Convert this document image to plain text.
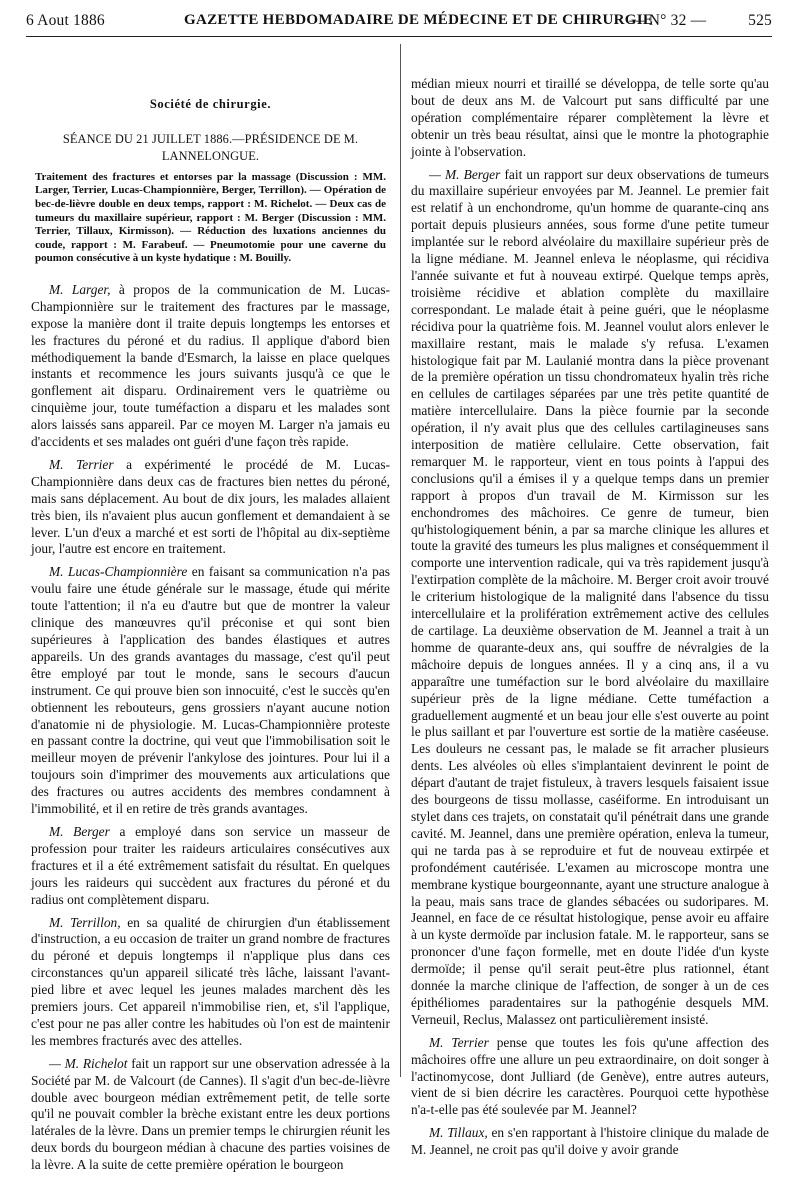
6 Aout 1886	GAZETTE HEBDOMADAIRE DE MÉDECINE ET DE CHIRURGIE
— N° 32 —	525
Société de chirurgie.
SÉANCE DU 21 JUILLET 1886.—PRÉSIDENCE DE M. LANNELONGUE.
Traitement des fractures et entorses par la massage (Discussion : MM. Larger, Terrier, Lucas-Championnière, Berger, Terrillon). — Opération de bec-de-lièvre double en deux temps, rapport : M. Richelot. — Deux cas de tumeurs du maxillaire supérieur, rapport : M. Berger (Discussion : MM. Terrier, Tillaux, Kirmisson). — Réduction des luxations anciennes du coude, rapport : M. Farabeuf. — Pneumotomie pour une caverne du poumon consécutive à un kyste hydatique : M. Bouilly.

M. Larger, à propos de la communication de M. Lucas-Championnière sur le traitement des fractures par le massage, expose la manière dont il traite depuis longtemps les entorses et les fractures du péroné et du radius. Il applique d'abord bien méthodiquement la bande d'Esmarch, la laisse en place quelques instants et recommence les jours suivants jusqu'à ce que le gonflement ait disparu. Ordinairement vers le quatrième ou cinquième jour, toute tuméfaction a disparu et les malades sont alors laissés sans appareil. Par ce moyen M. Larger n'a jamais eu d'accidents et ses malades ont guéri d'une façon très rapide.

M. Terrier a expérimenté le procédé de M. Lucas-Championnière dans deux cas de fractures bien nettes du péroné, mais sans déplacement. Au bout de dix jours, les malades allaient très bien, ils n'avaient plus aucun gonflement et demandaient à se lever. L'un d'eux a marché et est sorti de l'hôpital au dix-septième jour, l'autre est encore en traitement.

M. Lucas-Championnière en faisant sa communication n'a pas voulu faire une étude générale sur le massage, étude qui mérite toute l'attention; il n'a eu d'autre but que de montrer la valeur clinique des manœuvres qu'il préconise et qui sont bien supérieures à l'application des bandes élastiques et autres appareils. Un des grands avantages du massage, c'est qu'il peut être employé par tout le monde, sans le secours d'aucun instrument. Ce qui prouve bien son innocuité, c'est le succès qu'en obtiennent les rebouteurs, gens grossiers n'ayant aucune notion d'anatomie ni de physiologie. M. Lucas-Championnière proteste en passant contre la doctrine, qui veut que l'immobilisation soit le meilleur moyen de prévenir l'ankylose des jointures. Pour lui il a toujours soin d'imprimer des mouvements aux articulations que des fractures ou autres accidents des membres condamnent à l'immobilité, et il en retire de très grands avantages.

M. Berger a employé dans son service un masseur de profession pour traiter les raideurs articulaires consécutives aux fractures et il a été extrêmement satisfait du résultat. En quelques jours les raideurs qui succèdent aux fractures du péroné et du radius ont complètement disparu.

M. Terrillon, en sa qualité de chirurgien d'un établissement d'instruction, a eu occasion de traiter un grand nombre de fractures du péroné et depuis longtemps il n'applique plus dans ces circonstances qu'un appareil silicaté très lâche, laissant l'avant-pied libre et avec lequel les jeunes malades marchent dès les premiers jours. Cet appareil n'immobilise rien, et, s'il l'applique, c'est pour ne pas aller contre les habitudes où l'on est de maintenir les membres fracturés avec des attelles.

— M. Richelot fait un rapport sur une observation adressée à la Société par M. de Valcourt (de Cannes). Il s'agit d'un bec-de-lièvre double avec bourgeon médian extrêmement petit, de telle sorte qu'il ne pouvait combler la brèche existant entre les deux portions latérales de la lèvre. Dans un premier temps le chirurgien réunit les deux bords du bourgeon médian à chacune des parties voisines de la lèvre. A la suite de cette première opération le bourgeon

médian mieux nourri et tiraillé se développa, de telle sorte qu'au bout de deux ans M. de Valcourt put sans difficulté par une opération complémentaire réparer complètement la lèvre et obtenir un très beau résultat, ainsi que le montre la photographie jointe à l'observation.

— M. Berger fait un rapport sur deux observations de tumeurs du maxillaire supérieur envoyées par M. Jeannel. Le premier fait est relatif à un enchondrome, qu'un homme de quarante-cinq ans portait depuis plusieurs années, sous forme d'une petite tumeur implantée sur le rebord alvéolaire du maxillaire supérieur près de la ligne médiane. M. Jeannel enleva le néoplasme, qui récidiva l'année suivante et fut à nouveau extirpé. Quelque temps après, troisième récidive et ablation complète du maxillaire correspondant. Le malade était à peine guéri, que le néoplasme récidiva pour la quatrième fois. M. Jeannel voulut alors enlever le maxillaire restant, mais le malade s'y refusa. L'examen histologique fait par M. Laulanié montra dans la pièce provenant de la première opération un tissu chondromateux hyalin très riche en cellules de cartilages séparées par une très petite quantité de matière intercellulaire. Dans la pièce fournie par la seconde opération, il n'y avait plus que des cellules cartilagineuses sans interposition de matière cellulaire. Cette observation, fait remarquer M. le rapporteur, vient en tous points à l'appui des conclusions qu'il a émises il y a quelque temps dans un premier rapport à propos d'un travail de M. Kirmisson sur les enchondromes des mâchoires. Ce genre de tumeur, bien qu'histologiquement bénin, a par sa marche clinique les allures et toute la gravité des tumeurs les plus malignes et conséquemment il comporte une intervention radicale, qui va très rapidement jusqu'à l'extirpation complète de la mâchoire. M. Berger croit avoir trouvé le criterium histologique de la malignité dans l'absence du tissu intercellulaire et la prolifération extrêmement active des cellules de cartilage. La deuxième observation de M. Jeannel a trait à un homme de quarante-deux ans, qui souffre de névralgies de la mâchoire depuis de longues années. Il y a cinq ans, il a vu apparaître une tuméfaction sur le bord alvéolaire du maxillaire supérieur près de la ligne médiane. Cette tuméfaction a graduellement augmenté et un beau jour elle s'est ouverte au point le plus saillant et par l'ouverture est sortie de la matière caséeuse. Les douleurs ne cessant pas, le malade se fit arracher plusieurs dents. Les alvéoles où elles s'implantaient devinrent le point de départ d'autant de trajet fistuleux, à travers lesquels faisaient issue des bourgeons de tissu mollasse, caséiforme. En introduisant un stylet dans ces trajets, on constatait qu'il pénétrait dans une grande cavité. M. Jeannel, dans une première opération, enleva la tumeur, qui ne tarda pas à se reproduire et fut de nouveau extirpée et profondément cautérisée. L'examen au microscope montra une membrane kystique bourgeonnante, ayant une structure analogue à la peau, mais sans trace de glandes sébacées ou sudoripares. M. Jeannel, en face de ce résultat histologique, pense avoir eu affaire à un kyste dermoïde par inclusion fatale. M. le rapporteur, sans se prononcer d'une façon formelle, met en doute l'idée d'un kyste dermoïde; il pense qu'il serait peut-être plus rationnel, étant donnée la marche clinique de l'affection, de songer à un de ces épithéliomes paradentaires sur la pathogénie desquels MM. Verneuil, Reclus, Malassez ont particulièrement insisté.

M. Terrier pense que toutes les fois qu'une affection des mâchoires offre une allure un peu extraordinaire, on doit songer à l'actinomycose, dont Julliard (de Genève), entre autres auteurs, vient de si bien décrire les caractères. Pourquoi cette hypothèse n'a-t-elle pas été soulevée par M. Jeannel?

M. Tillaux, en s'en rapportant à l'histoire clinique du malade de M. Jeannel, ne croit pas qu'il doive y avoir grande
